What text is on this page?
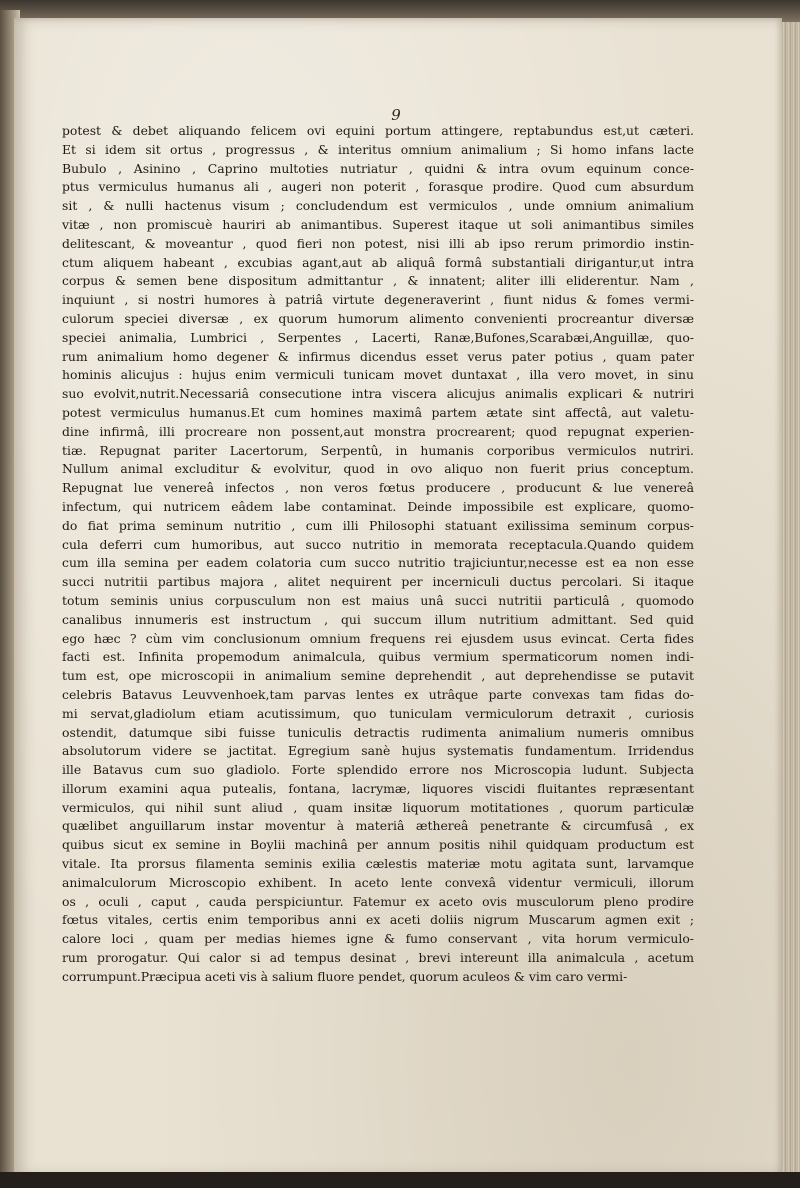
9
potest & debet aliquando felicem ovi equini portum attingere, reptabundus est,ut cæteri.
Et si idem sit ortus , progressus , & interitus omnium animalium ; Si homo infans lacte
Bubulo , Asinino , Caprino multoties nutriatur , quidni & intra ovum equinum conce-
ptus vermiculus humanus ali , augeri non poterit , forasque prodire. Quod cum absurdum
sit , & nulli hactenus visum ; concludendum est vermiculos , unde omnium animalium
vitæ , non promiscuè hauriri ab animantibus. Superest itaque ut soli animantibus similes
delitescant, & moveantur , quod fieri non potest, nisi illi ab ipso rerum primordio instin-
ctum aliquem habeant , excubias agant,aut ab aliquâ formâ substantiali dirigantur,ut intra
corpus & semen bene dispositum admittantur , & innatent; aliter illi eliderentur. Nam ,
inquiunt , si nostri humores à patriâ virtute degeneraverint , fiunt nidus & fomes vermi-
culorum speciei diversæ , ex quorum humorum alimento convenienti procreantur diversæ
speciei animalia, Lumbrici , Serpentes , Lacerti, Ranæ,Bufones,Scarabæi,Anguillæ, quo-
rum animalium homo degener & infirmus dicendus esset verus pater potius , quam pater
hominis alicujus : hujus enim vermiculi tunicam movet duntaxat , illa vero movet, in sinu
suo evolvit,nutrit.Necessariâ consecutione intra viscera alicujus animalis explicari & nutriri
potest vermiculus humanus.Et cum homines maximâ partem ætate sint affectâ, aut valetu-
dine infirmâ, illi procreare non possent,aut monstra procrearent; quod repugnat experien-
tiæ. Repugnat pariter Lacertorum, Serpentû, in humanis corporibus vermiculos nutriri.
Nullum animal excluditur & evolvitur, quod in ovo aliquo non fuerit prius conceptum.
Repugnat lue venereâ infectos , non veros fœtus producere , producunt & lue venereâ
infectum, qui nutricem eâdem labe contaminat. Deinde impossibile est explicare, quomo-
do fiat prima seminum nutritio , cum illi Philosophi statuant exilissima seminum corpus-
cula deferri cum humoribus, aut succo nutritio in memorata receptacula.Quando quidem
cum illa semina per eadem colatoria cum succo nutritio trajiciuntur,necesse est ea non esse
succi nutritii partibus majora , alitet nequirent per incerniculi ductus percolari. Si itaque
totum seminis unius corpusculum non est maius unâ succi nutritii particulâ , quomodo
canalibus innumeris est instructum , qui succum illum nutritium admittant. Sed quid
ego hæc ? cùm vim conclusionum omnium frequens rei ejusdem usus evincat. Certa fides
facti est. Infinita propemodum animalcula, quibus vermium spermaticorum nomen indi-
tum est, ope microscopii in animalium semine deprehendit , aut deprehendisse se putavit
celebris Batavus Leuvvenhoek,tam parvas lentes ex utrâque parte convexas tam fidas do-
mi servat,gladiolum etiam acutissimum, quo tuniculam vermiculorum detraxit , curiosis
ostendit, datumque sibi fuisse tuniculis detractis rudimenta animalium numeris omnibus
absolutorum videre se jactitat. Egregium sanè hujus systematis fundamentum. Irridendus
ille Batavus cum suo gladiolo. Forte splendido errore nos Microscopia ludunt. Subjecta
illorum examini aqua putealis, fontana, lacrymæ, liquores viscidi fluitantes repræsentant
vermiculos, qui nihil sunt aliud , quam insitæ liquorum motitationes , quorum particulæ
quælibet anguillarum instar moventur à materiâ æthereâ penetrante & circumfusâ , ex
quibus sicut ex semine in Boylii machinâ per annum positis nihil quidquam productum est
vitale. Ita prorsus filamenta seminis exilia cælestis materiæ motu agitata sunt, larvamque
animalculorum Microscopio exhibent. In aceto lente convexâ videntur vermiculi, illorum
os , oculi , caput , cauda perspiciuntur. Fatemur ex aceto ovis musculorum pleno prodire
fœtus vitales, certis enim temporibus anni ex aceti doliis nigrum Muscarum agmen exit ;
calore loci , quam per medias hiemes igne & fumo conservant , vita horum vermiculo-
rum prorogatur. Qui calor si ad tempus desinat , brevi intereunt illa animalcula , acetum
corrumpunt.Præcipua aceti vis à salium fluore pendet, quorum aculeos & vim caro vermi-
